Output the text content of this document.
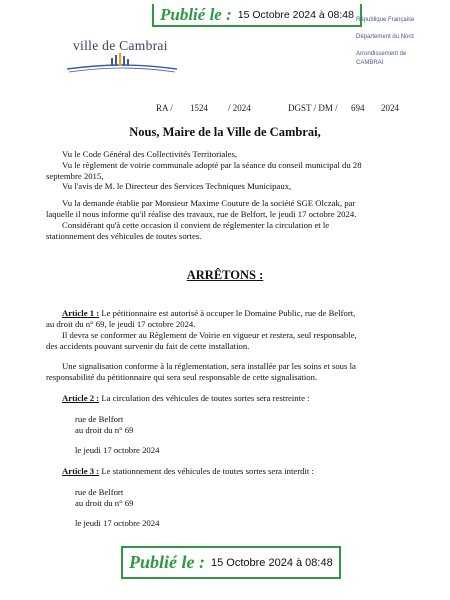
Publié le : 15 Octobre 2024 à 08:48
ville de Cambrai
République Française
Département du Nord
Arrondissement de
CAMBRAI
RA / 1524 / 2024	DGST / DM / 694 2024
Nous, Maire de la Ville de Cambrai,
Vu le Code Général des Collectivités Territoriales,
Vu le règlement de voirie communale adopté par la séance du conseil municipal du 28
septembre 2015,
Vu l'avis de M. le Directeur des Services Techniques Municipaux,
Vu la demande établie par Monsieur Maxime Couture de la société SGE Olczak, par
laquelle il nous informe qu'il réalise des travaux, rue de Belfort, le jeudi 17 octobre 2024.
Considérant qu'à cette occasion il convient de réglementer la circulation et le
stationnement des véhicules de toutes sortes.
ARRÊTONS :
Article 1 : Le pétitionnaire est autorisé à occuper le Domaine Public, rue de Belfort,
au droit du n° 69, le jeudi 17 octobre 2024.
Il devra se conformer au Règlement de Voirie en vigueur et restera, seul responsable,
des accidents pouvant survenir du fait de cette installation.
Une signalisation conforme à la réglementation, sera installée par les soins et sous la
responsabilité du pétitionnaire qui sera seul responsable de cette signalisation.
Article 2 : La circulation des véhicules de toutes sortes sera restreinte :
rue de Belfort
au droit du n° 69
le jeudi 17 octobre 2024
Article 3 : Le stationnement des véhicules de toutes sortes sera interdit :
rue de Belfort
au droit du n° 69
le jeudi 17 octobre 2024
Publié le : 15 Octobre 2024 à 08:48
